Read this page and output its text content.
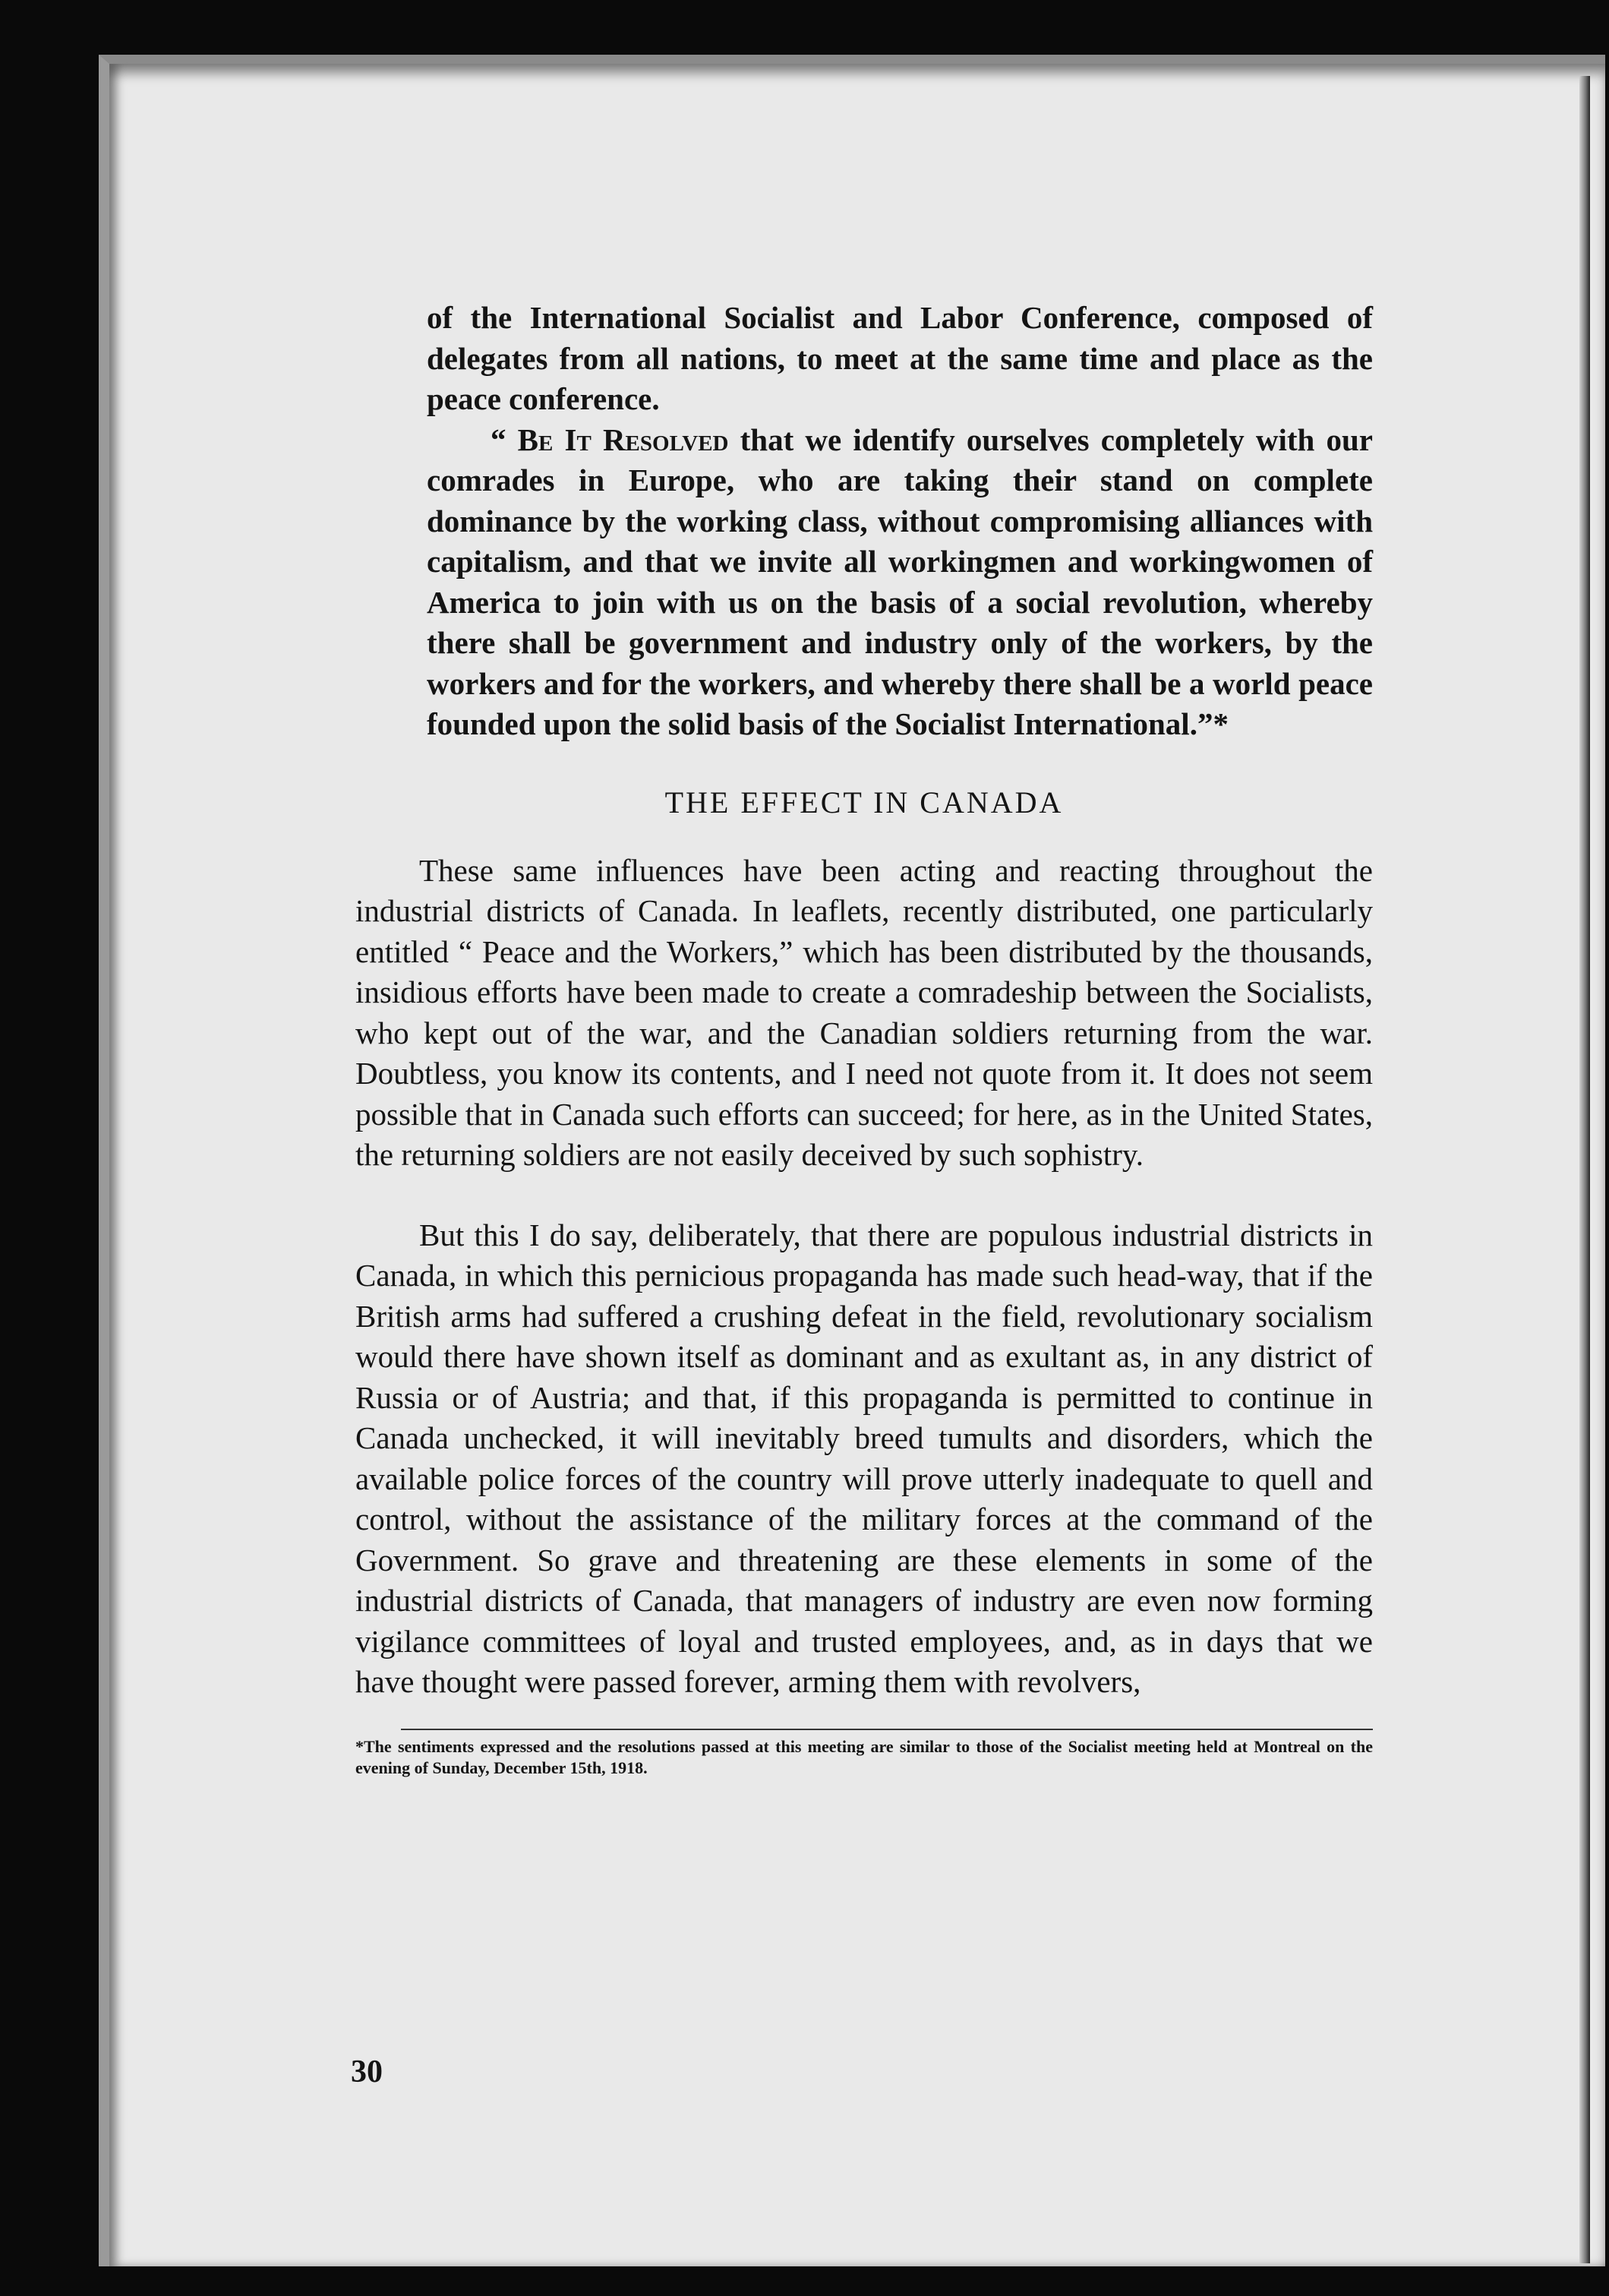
of the International Socialist and Labor Conference, composed of delegates from all nations, to meet at the same time and place as the peace conference.

“ Be It Resolved that we identify ourselves completely with our comrades in Europe, who are taking their stand on complete dominance by the working class, without compromising alliances with capitalism, and that we invite all workingmen and workingwomen of America to join with us on the basis of a social revolution, whereby there shall be government and industry only of the workers, by the workers and for the workers, and whereby there shall be a world peace founded upon the solid basis of the Socialist International.”*

THE EFFECT IN CANADA

These same influences have been acting and reacting throughout the industrial districts of Canada. In leaflets, recently distributed, one particularly entitled “ Peace and the Workers,” which has been distributed by the thousands, insidious efforts have been made to create a comradeship between the Socialists, who kept out of the war, and the Canadian soldiers returning from the war. Doubtless, you know its contents, and I need not quote from it. It does not seem possible that in Canada such efforts can succeed; for here, as in the United States, the returning soldiers are not easily deceived by such sophistry.

But this I do say, deliberately, that there are populous industrial districts in Canada, in which this pernicious propaganda has made such head-way, that if the British arms had suffered a crushing defeat in the field, revolutionary socialism would there have shown itself as dominant and as exultant as, in any district of Russia or of Austria; and that, if this propaganda is permitted to continue in Canada unchecked, it will inevitably breed tumults and disorders, which the available police forces of the country will prove utterly inadequate to quell and control, without the assistance of the military forces at the command of the Government. So grave and threatening are these elements in some of the industrial districts of Canada, that managers of industry are even now forming vigilance committees of loyal and trusted employees, and, as in days that we have thought were passed forever, arming them with revolvers,

*The sentiments expressed and the resolutions passed at this meeting are similar to those of the Socialist meeting held at Montreal on the evening of Sunday, December 15th, 1918.

30
